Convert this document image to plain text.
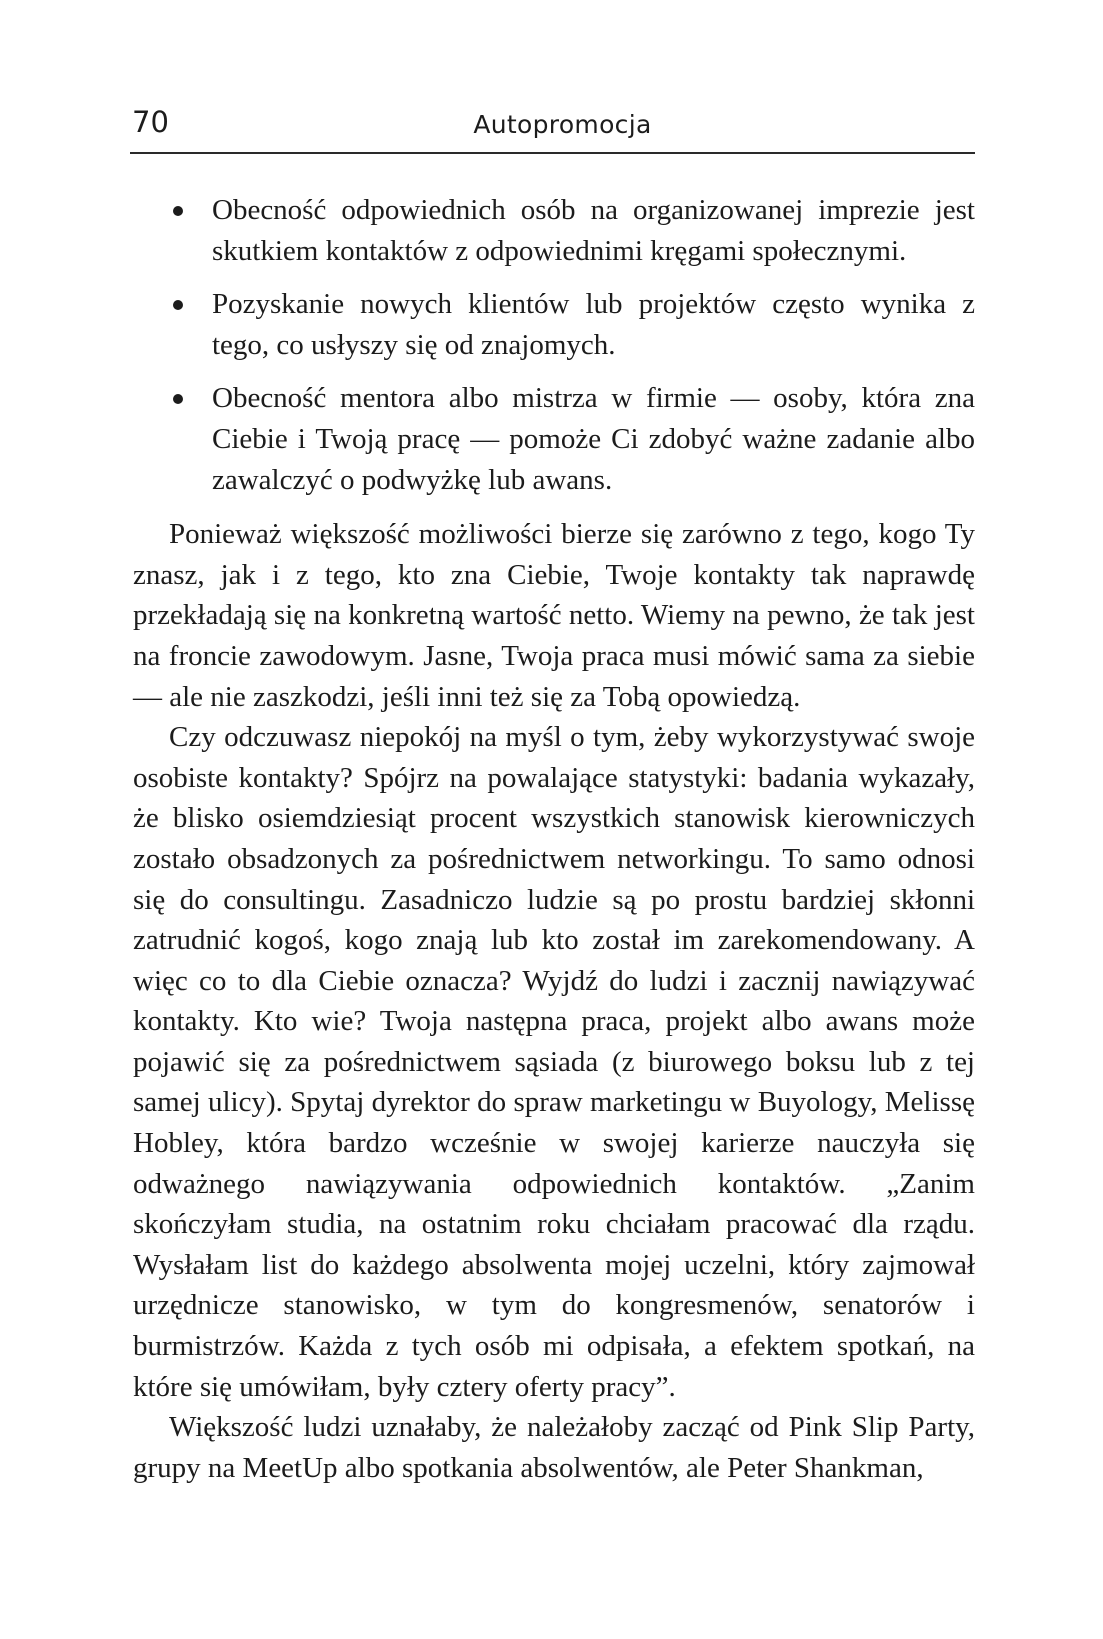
70	Autopromocja
Obecność odpowiednich osób na organizowanej imprezie jest skutkiem kontaktów z odpowiednimi kręgami społecznymi.
Pozyskanie nowych klientów lub projektów często wynika z tego, co usłyszy się od znajomych.
Obecność mentora albo mistrza w firmie — osoby, która zna Ciebie i Twoją pracę — pomoże Ci zdobyć ważne zadanie albo zawalczyć o podwyżkę lub awans.

Ponieważ większość możliwości bierze się zarówno z tego, kogo Ty znasz, jak i z tego, kto zna Ciebie, Twoje kontakty tak naprawdę przekładają się na konkretną wartość netto. Wiemy na pewno, że tak jest na froncie zawodowym. Jasne, Twoja praca musi mówić sama za siebie — ale nie zaszkodzi, jeśli inni też się za Tobą opowiedzą.

Czy odczuwasz niepokój na myśl o tym, żeby wykorzystywać swoje osobiste kontakty? Spójrz na powalające statystyki: badania wykazały, że blisko osiemdziesiąt procent wszystkich stanowisk kierowniczych zostało obsadzonych za pośrednictwem networkingu. To samo odnosi się do consultingu. Zasadniczo ludzie są po prostu bardziej skłonni zatrudnić kogoś, kogo znają lub kto został im zarekomendowany. A więc co to dla Ciebie oznacza? Wyjdź do ludzi i zacznij nawiązywać kontakty. Kto wie? Twoja następna praca, projekt albo awans może pojawić się za pośrednictwem sąsiada (z biurowego boksu lub z tej samej ulicy). Spytaj dyrektor do spraw marketingu w Buyology, Melissę Hobley, która bardzo wcześnie w swojej karierze nauczyła się odważnego nawiązywania odpowiednich kontaktów. „Zanim skończyłam studia, na ostatnim roku chciałam pracować dla rządu. Wysłałam list do każdego absolwenta mojej uczelni, który zajmował urzędnicze stanowisko, w tym do kongresmenów, senatorów i burmistrzów. Każda z tych osób mi odpisała, a efektem spotkań, na które się umówiłam, były cztery oferty pracy”.

Większość ludzi uznałaby, że należałoby zacząć od Pink Slip Party, grupy na MeetUp albo spotkania absolwentów, ale Peter Shankman,
